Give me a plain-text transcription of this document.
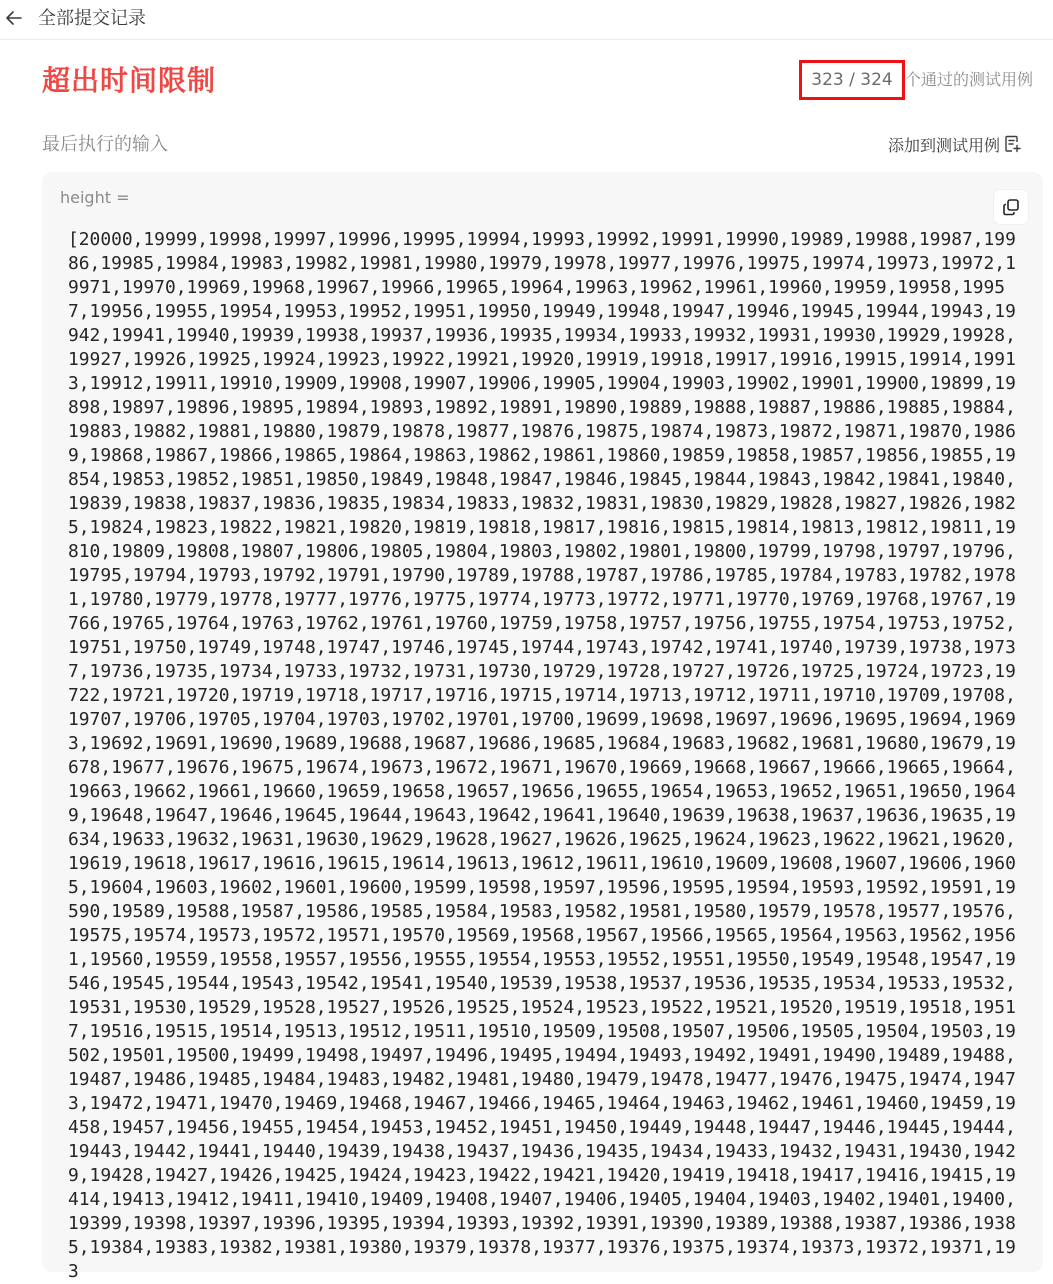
全部提交记录
超出时间限制	323 / 324 个通过的测试用例
最后执行的输入	添加到测试用例
height =

[20000,19999,19998,19997,19996,19995,19994,19993,19992,19991,19990,19989,19988,19987,19986,19985,19984,19983,19982,19981,19980,19979,19978,19977,19976,19975,19974,19973,19972,19971,19970,19969,19968,19967,19966,19965,19964,19963,19962,19961,19960,19959,19958,19957,19956,19955,19954,19953,19952,19951,19950,19949,19948,19947,19946,19945,19944,19943,19942,19941,19940,19939,19938,19937,19936,19935,19934,19933,19932,19931,19930,19929,19928,19927,19926,19925,19924,19923,19922,19921,19920,19919,19918,19917,19916,19915,19914,19913,19912,19911,19910,19909,19908,19907,19906,19905,19904,19903,19902,19901,19900,19899,19898,19897,19896,19895,19894,19893,19892,19891,19890,19889,19888,19887,19886,19885,19884,19883,19882,19881,19880,19879,19878,19877,19876,19875,19874,19873,19872,19871,19870,19869,19868,19867,19866,19865,19864,19863,19862,19861,19860,19859,19858,19857,19856,19855,19854,19853,19852,19851,19850,19849,19848,19847,19846,19845,19844,19843,19842,19841,19840,19839,19838,19837,19836,19835,19834,19833,19832,19831,19830,19829,19828,19827,19826,19825,19824,19823,19822,19821,19820,19819,19818,19817,19816,19815,19814,19813,19812,19811,19810,19809,19808,19807,19806,19805,19804,19803,19802,19801,19800,19799,19798,19797,19796,19795,19794,19793,19792,19791,19790,19789,19788,19787,19786,19785,19784,19783,19782,19781,19780,19779,19778,19777,19776,19775,19774,19773,19772,19771,19770,19769,19768,19767,19766,19765,19764,19763,19762,19761,19760,19759,19758,19757,19756,19755,19754,19753,19752,19751,19750,19749,19748,19747,19746,19745,19744,19743,19742,19741,19740,19739,19738,19737,19736,19735,19734,19733,19732,19731,19730,19729,19728,19727,19726,19725,19724,19723,19722,19721,19720,19719,19718,19717,19716,19715,19714,19713,19712,19711,19710,19709,19708,19707,19706,19705,19704,19703,19702,19701,19700,19699,19698,19697,19696,19695,19694,19693,19692,19691,19690,19689,19688,19687,19686,19685,19684,19683,19682,19681,19680,19679,19678,19677,19676,19675,19674,19673,19672,19671,19670,19669,19668,19667,19666,19665,19664,19663,19662,19661,19660,19659,19658,19657,19656,19655,19654,19653,19652,19651,19650,19649,19648,19647,19646,19645,19644,19643,19642,19641,19640,19639,19638,19637,19636,19635,19634,19633,19632,19631,19630,19629,19628,19627,19626,19625,19624,19623,19622,19621,19620,19619,19618,19617,19616,19615,19614,19613,19612,19611,19610,19609,19608,19607,19606,19605,19604,19603,19602,19601,19600,19599,19598,19597,19596,19595,19594,19593,19592,19591,19590,19589,19588,19587,19586,19585,19584,19583,19582,19581,19580,19579,19578,19577,19576,19575,19574,19573,19572,19571,19570,19569,19568,19567,19566,19565,19564,19563,19562,19561,19560,19559,19558,19557,19556,19555,19554,19553,19552,19551,19550,19549,19548,19547,19546,19545,19544,19543,19542,19541,19540,19539,19538,19537,19536,19535,19534,19533,19532,19531,19530,19529,19528,19527,19526,19525,19524,19523,19522,19521,19520,19519,19518,19517,19516,19515,19514,19513,19512,19511,19510,19509,19508,19507,19506,19505,19504,19503,19502,19501,19500,19499,19498,19497,19496,19495,19494,19493,19492,19491,19490,19489,19488,19487,19486,19485,19484,19483,19482,19481,19480,19479,19478,19477,19476,19475,19474,19473,19472,19471,19470,19469,19468,19467,19466,19465,19464,19463,19462,19461,19460,19459,19458,19457,19456,19455,19454,19453,19452,19451,19450,19449,19448,19447,19446,19445,19444,19443,19442,19441,19440,19439,19438,19437,19436,19435,19434,19433,19432,19431,19430,19429,19428,19427,19426,19425,19424,19423,19422,19421,19420,19419,19418,19417,19416,19415,19414,19413,19412,19411,19410,19409,19408,19407,19406,19405,19404,19403,19402,19401,19400,19399,19398,19397,19396,19395,19394,19393,19392,19391,19390,19389,19388,19387,19386,19385,19384,19383,19382,19381,19380,19379,19378,19377,19376,19375,19374,19373,19372,19371,193
